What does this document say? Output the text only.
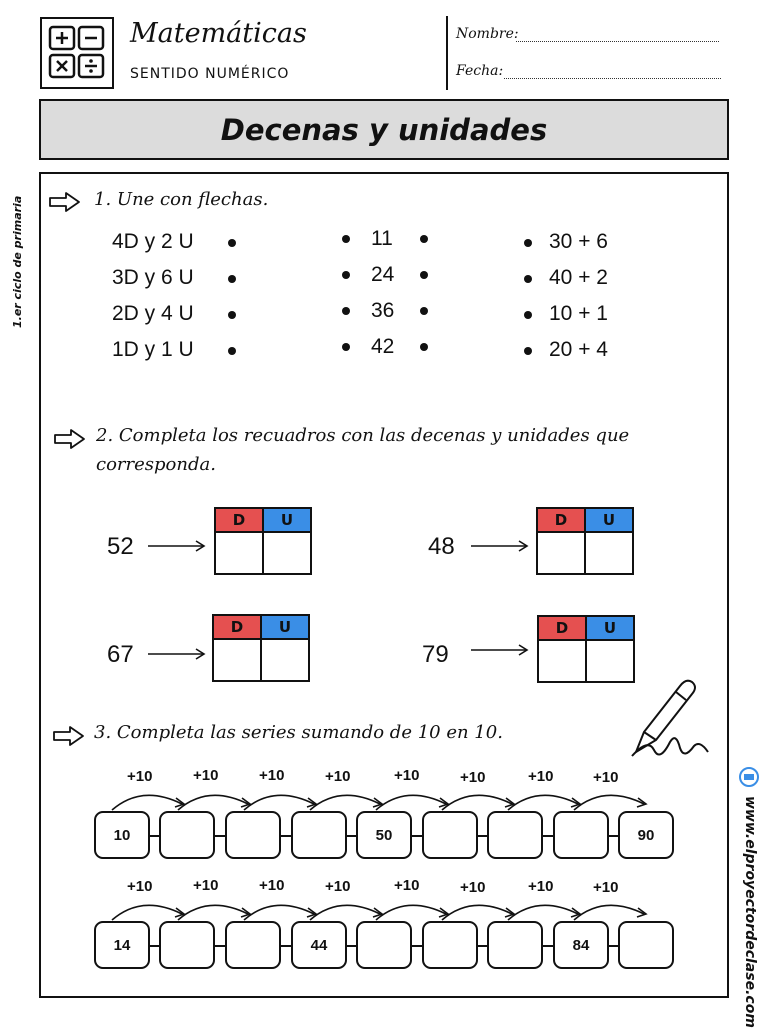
Matemáticas
SENTIDO NUMÉRICO
Nombre:
Fecha:
Decenas y unidades
1.er ciclo de primaria	1. Une con flechas.
4D y 2 U
3D y 6 U
2D y 4 U
1D y 1 U
11
24
36
42
30 + 6
40 + 2
10 + 1
20 + 4
2. Completa los recuadros con las decenas y unidades que
corresponda.
52
D	U
48
D	U
67
D	U
79
D	U
3. Completa las series sumando de 10 en 10.
+10	+10	+10	+10	+10	+10	+10	+10
10	50	90
+10	+10	+10	+10	+10	+10	+10	+10
14	44	84	www.elproyectordeclase.com
